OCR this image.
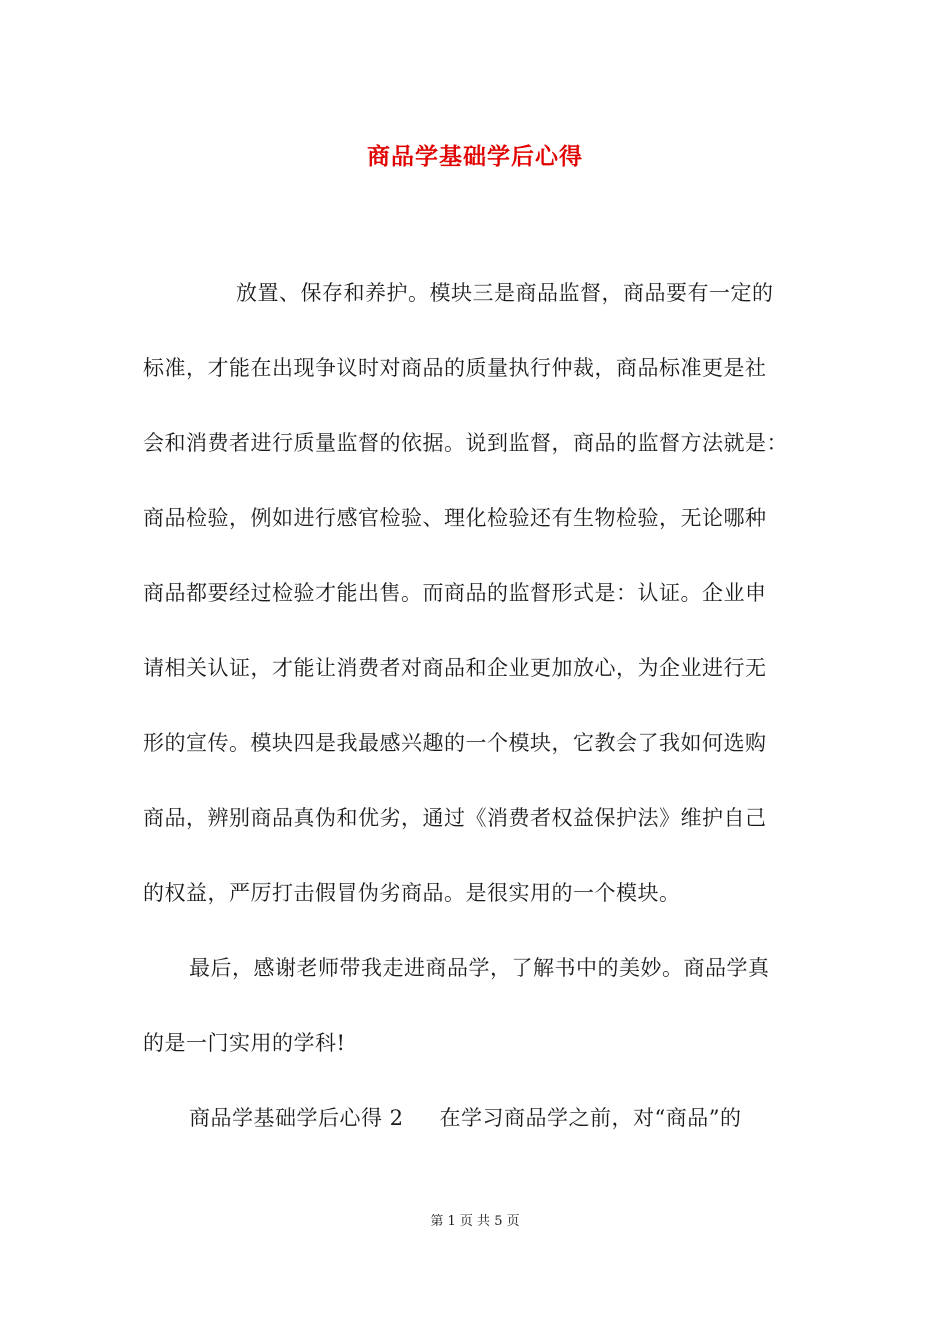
商品学基础学后心得
放置、保存和养护。模块三是商品监督，商品要有一定的
标准，才能在出现争议时对商品的质量执行仲裁，商品标准更是社
会和消费者进行质量监督的依据。说到监督，商品的监督方法就是：
商品检验，例如进行感官检验、理化检验还有生物检验，无论哪种
商品都要经过检验才能出售。而商品的监督形式是：认证。企业申
请相关认证，才能让消费者对商品和企业更加放心，为企业进行无
形的宣传。模块四是我最感兴趣的一个模块，它教会了我如何选购
商品，辨别商品真伪和优劣，通过《消费者权益保护法》维护自己
的权益，严厉打击假冒伪劣商品。是很实用的一个模块。
最后，感谢老师带我走进商品学，了解书中的美妙。商品学真
的是一门实用的学科!
商品学基础学后心得 2 在学习商品学之前，对“商品”的
第 1 页 共 5 页
